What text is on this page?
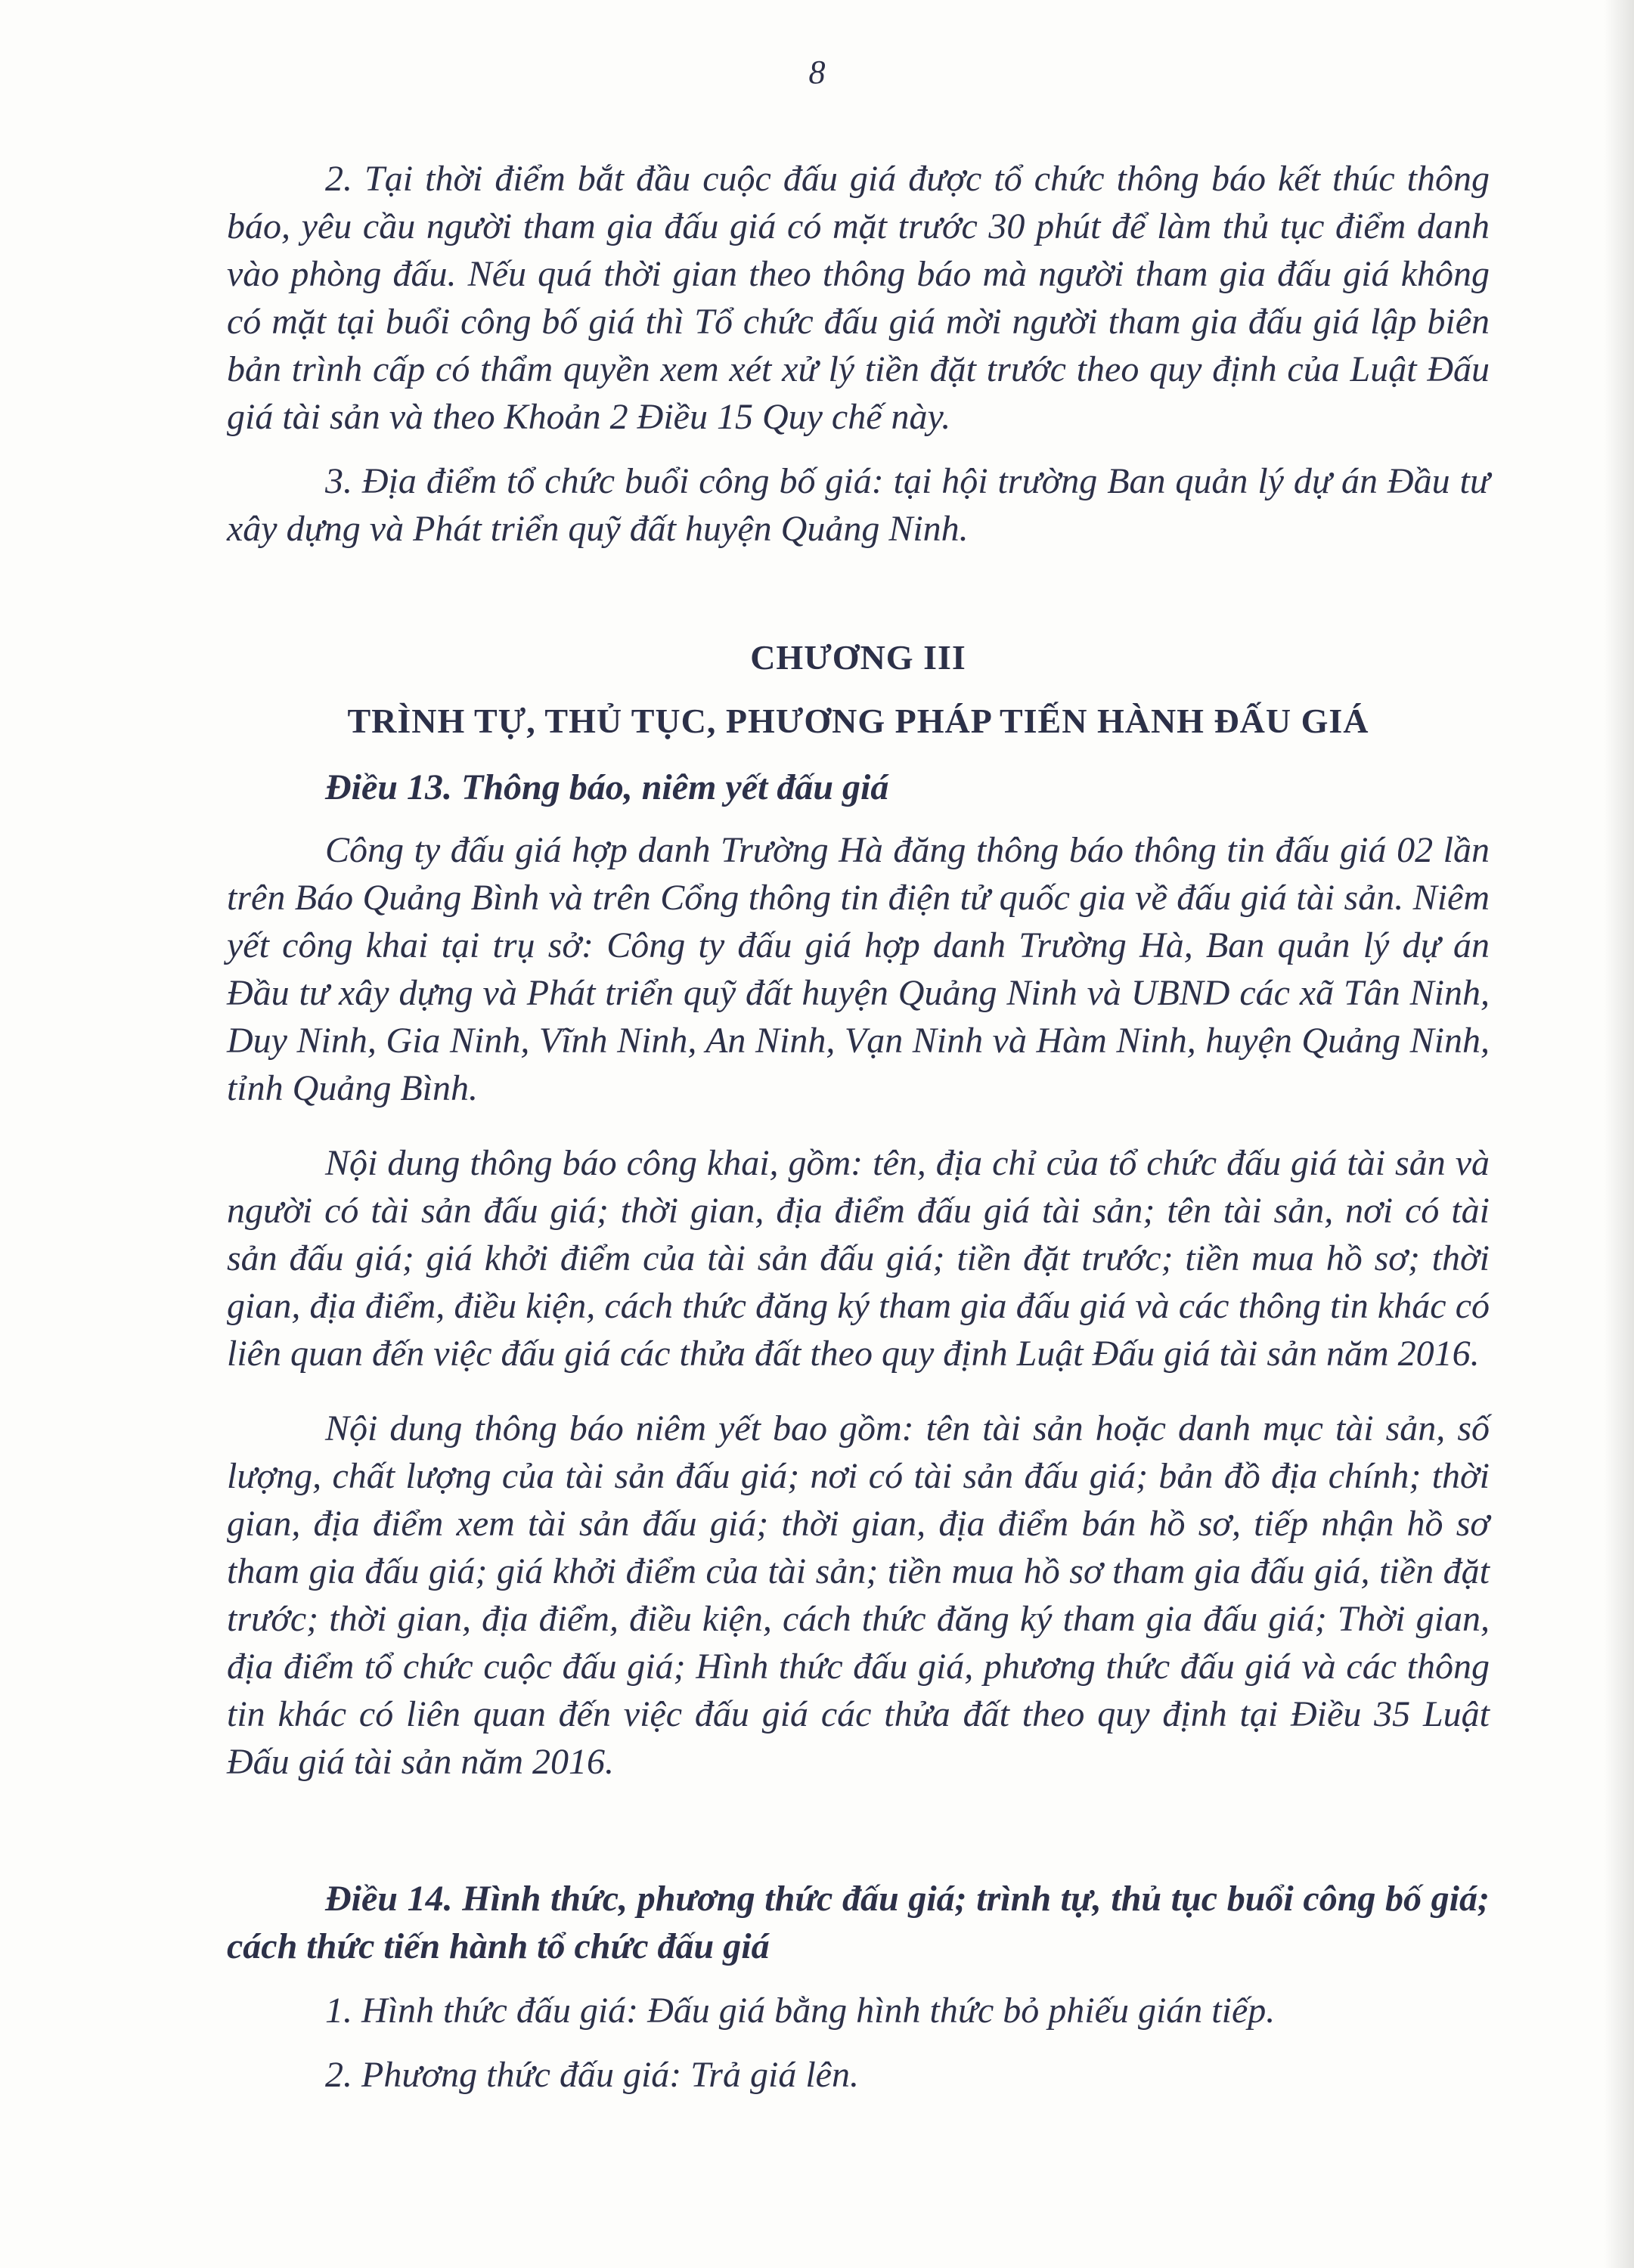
8

2. Tại thời điểm bắt đầu cuộc đấu giá được tổ chức thông báo kết thúc thông báo, yêu cầu người tham gia đấu giá có mặt trước 30 phút để làm thủ tục điểm danh vào phòng đấu. Nếu quá thời gian theo thông báo mà người tham gia đấu giá không có mặt tại buổi công bố giá thì Tổ chức đấu giá mời người tham gia đấu giá lập biên bản trình cấp có thẩm quyền xem xét xử lý tiền đặt trước theo quy định của Luật Đấu giá tài sản và theo Khoản 2 Điều 15 Quy chế này.

3. Địa điểm tổ chức buổi công bố giá: tại hội trường Ban quản lý dự án Đầu tư xây dựng và Phát triển quỹ đất huyện Quảng Ninh.

CHƯƠNG III

TRÌNH TỰ, THỦ TỤC, PHƯƠNG PHÁP TIẾN HÀNH ĐẤU GIÁ

Điều 13. Thông báo, niêm yết đấu giá

Công ty đấu giá hợp danh Trường Hà đăng thông báo thông tin đấu giá 02 lần trên Báo Quảng Bình và trên Cổng thông tin điện tử quốc gia về đấu giá tài sản. Niêm yết công khai tại trụ sở: Công ty đấu giá hợp danh Trường Hà, Ban quản lý dự án Đầu tư xây dựng và Phát triển quỹ đất huyện Quảng Ninh và UBND các xã Tân Ninh, Duy Ninh, Gia Ninh, Vĩnh Ninh, An Ninh, Vạn Ninh và Hàm Ninh, huyện Quảng Ninh, tỉnh Quảng Bình.

Nội dung thông báo công khai, gồm: tên, địa chỉ của tổ chức đấu giá tài sản và người có tài sản đấu giá; thời gian, địa điểm đấu giá tài sản; tên tài sản, nơi có tài sản đấu giá; giá khởi điểm của tài sản đấu giá; tiền đặt trước; tiền mua hồ sơ; thời gian, địa điểm, điều kiện, cách thức đăng ký tham gia đấu giá và các thông tin khác có liên quan đến việc đấu giá các thửa đất theo quy định Luật Đấu giá tài sản năm 2016.

Nội dung thông báo niêm yết bao gồm: tên tài sản hoặc danh mục tài sản, số lượng, chất lượng của tài sản đấu giá; nơi có tài sản đấu giá; bản đồ địa chính; thời gian, địa điểm xem tài sản đấu giá; thời gian, địa điểm bán hồ sơ, tiếp nhận hồ sơ tham gia đấu giá; giá khởi điểm của tài sản; tiền mua hồ sơ tham gia đấu giá, tiền đặt trước; thời gian, địa điểm, điều kiện, cách thức đăng ký tham gia đấu giá; Thời gian, địa điểm tổ chức cuộc đấu giá; Hình thức đấu giá, phương thức đấu giá và các thông tin khác có liên quan đến việc đấu giá các thửa đất theo quy định tại Điều 35 Luật Đấu giá tài sản năm 2016.

Điều 14. Hình thức, phương thức đấu giá; trình tự, thủ tục buổi công bố giá; cách thức tiến hành tổ chức đấu giá

1. Hình thức đấu giá: Đấu giá bằng hình thức bỏ phiếu gián tiếp.

2. Phương thức đấu giá: Trả giá lên.
